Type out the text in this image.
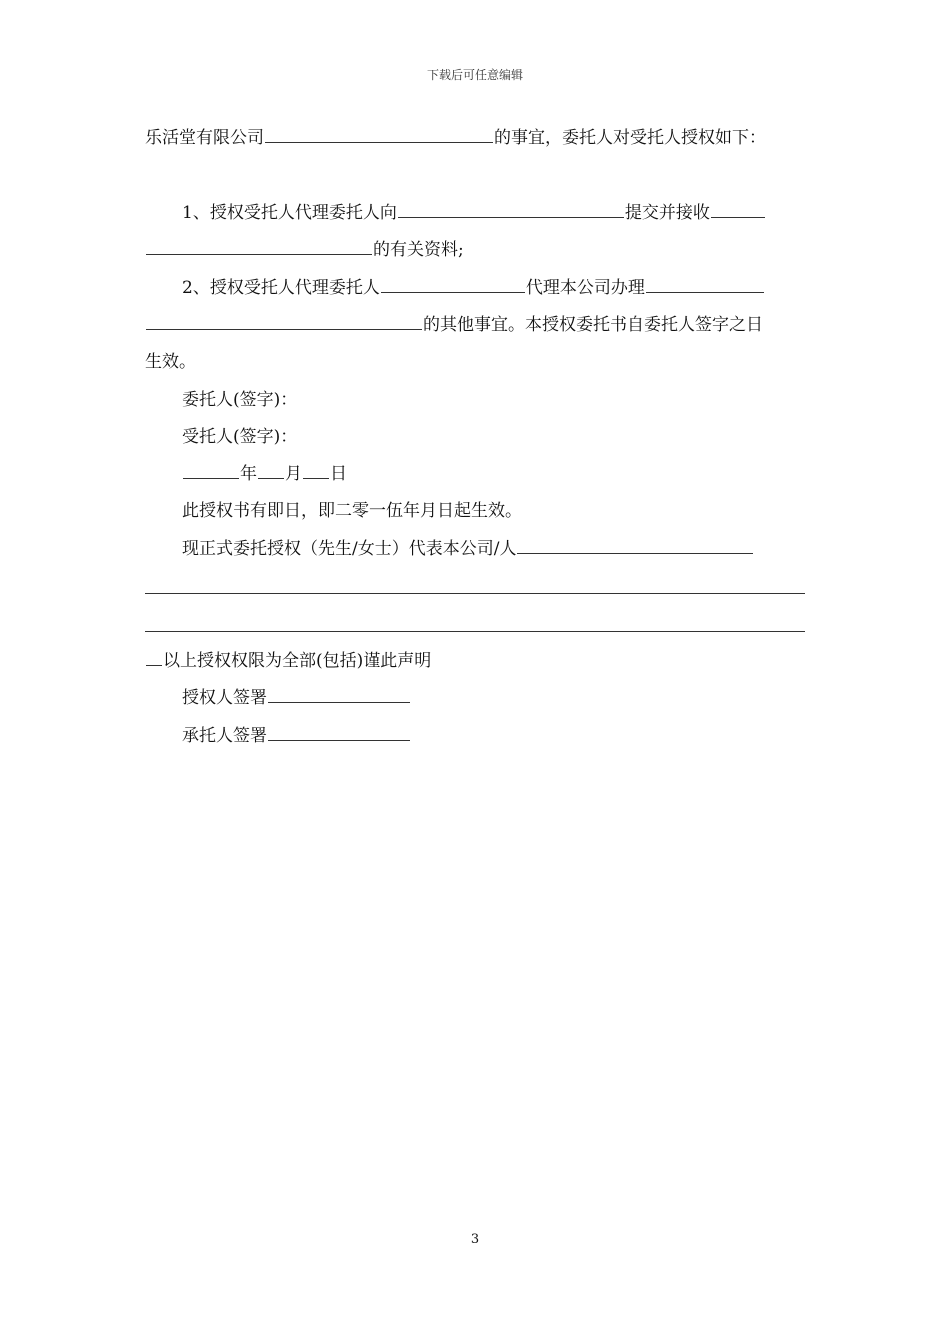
下载后可任意编辑
乐活堂有限公司	的事宜，委托人对受托人授权如下：
1、授权受托人代理委托人向	提交并接收
的有关资料;
2、授权受托人代理委托人	代理本公司办理
的其他事宜。本授权委托书自委托人签字之日
生效。
委托人(签字)：
受托人(签字)：
年 月 日
此授权书有即日，即二零一伍年月日起生效。
现正式委托授权（先生/女士）代表本公司/人
以上授权权限为全部(包括)谨此声明
授权人签署
承托人签署
3
